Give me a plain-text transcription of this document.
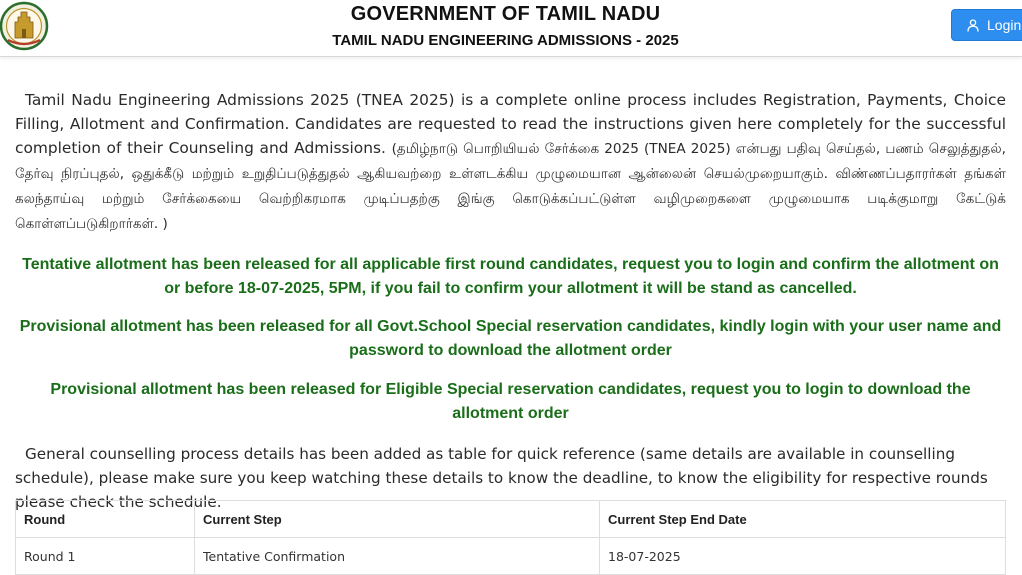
GOVERNMENT OF TAMIL NADU
TAMIL NADU ENGINEERING ADMISSIONS - 2025
Login
Tamil Nadu Engineering Admissions 2025 (TNEA 2025) is a complete online process includes Registration, Payments, Choice Filling, Allotment and Confirmation. Candidates are requested to read the instructions given here completely for the successful completion of their Counseling and Admissions. (தமிழ்நாடு பொறியியல் சேர்க்கை 2025 (TNEA 2025) என்பது பதிவு செய்தல், பணம் செலுத்துதல், தேர்வு நிரப்புதல், ஒதுக்கீடு மற்றும் உறுதிப்படுத்துதல் ஆகியவற்றை உள்ளடக்கிய முழுமையான ஆன்லைன் செயல்முறையாகும். விண்ணப்பதாரர்கள் தங்கள் கலந்தாய்வு மற்றும் சேர்க்கையை வெற்றிகரமாக முடிப்பதற்கு இங்கு கொடுக்கப்பட்டுள்ள வழிமுறைகளை முழுமையாக படிக்குமாறு கேட்டுக் கொள்ளப்படுகிறார்கள். )
Tentative allotment has been released for all applicable first round candidates, request you to login and confirm the allotment on or before 18-07-2025, 5PM, if you fail to confirm your allotment it will be stand as cancelled.
Provisional allotment has been released for all Govt.School Special reservation candidates, kindly login with your user name and password to download the allotment order
Provisional allotment has been released for Eligible Special reservation candidates, request you to login to download the allotment order
General counselling process details has been added as table for quick reference (same details are available in counselling schedule), please make sure you keep watching these details to know the deadline, to know the eligibility for respective rounds please check the schedule.
Round	Current Step	Current Step End Date
Round 1	Tentative Confirmation	18-07-2025
